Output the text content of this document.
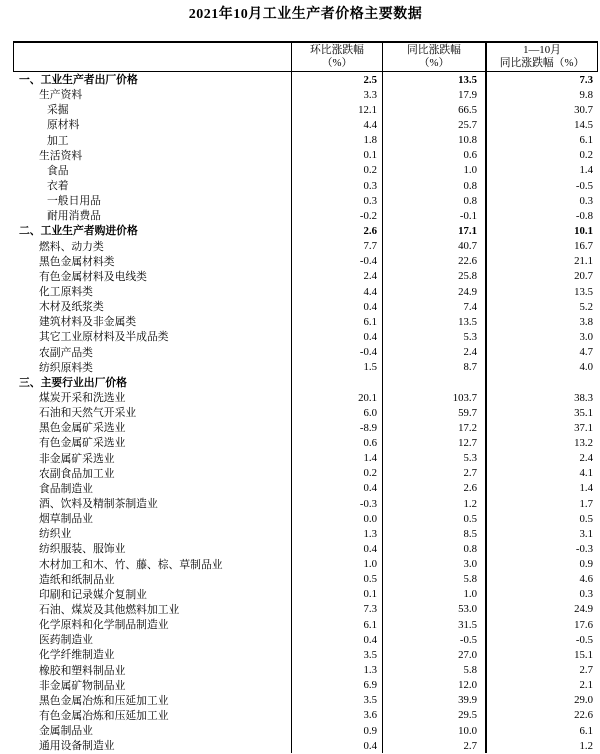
2021年10月工业生产者价格主要数据
环比涨跌幅
（%）
同比涨跌幅
（%）
1—10月
同比涨跌幅（%）
一、工业生产者出厂价格	2.5	13.5	7.3
生产资料	3.3	17.9	9.8
采掘	12.1	66.5	30.7
原材料	4.4	25.7	14.5
加工	1.8	10.8	6.1
生活资料	0.1	0.6	0.2
食品	0.2	1.0	1.4
衣着	0.3	0.8	-0.5
一般日用品	0.3	0.8	0.3
耐用消费品	-0.2	-0.1	-0.8
二、工业生产者购进价格	2.6	17.1	10.1
燃料、动力类	7.7	40.7	16.7
黑色金属材料类	-0.4	22.6	21.1
有色金属材料及电线类	2.4	25.8	20.7
化工原料类	4.4	24.9	13.5
木材及纸浆类	0.4	7.4	5.2
建筑材料及非金属类	6.1	13.5	3.8
其它工业原材料及半成品类	0.4	5.3	3.0
农副产品类	-0.4	2.4	4.7
纺织原料类	1.5	8.7	4.0
三、主要行业出厂价格
煤炭开采和洗选业	20.1	103.7	38.3
石油和天然气开采业	6.0	59.7	35.1
黑色金属矿采选业	-8.9	17.2	37.1
有色金属矿采选业	0.6	12.7	13.2
非金属矿采选业	1.4	5.3	2.4
农副食品加工业	0.2	2.7	4.1
食品制造业	0.4	2.6	1.4
酒、饮料及精制茶制造业	-0.3	1.2	1.7
烟草制品业	0.0	0.5	0.5
纺织业	1.3	8.5	3.1
纺织服装、服饰业	0.4	0.8	-0.3
木材加工和木、竹、藤、棕、草制品业	1.0	3.0	0.9
造纸和纸制品业	0.5	5.8	4.6
印刷和记录媒介复制业	0.1	1.0	0.3
石油、煤炭及其他燃料加工业	7.3	53.0	24.9
化学原料和化学制品制造业	6.1	31.5	17.6
医药制造业	0.4	-0.5	-0.5
化学纤维制造业	3.5	27.0	15.1
橡胶和塑料制品业	1.3	5.8	2.7
非金属矿物制品业	6.9	12.0	2.1
黑色金属冶炼和压延加工业	3.5	39.9	29.0
有色金属冶炼和压延加工业	3.6	29.5	22.6
金属制品业	0.9	10.0	6.1
通用设备制造业	0.4	2.7	1.2
